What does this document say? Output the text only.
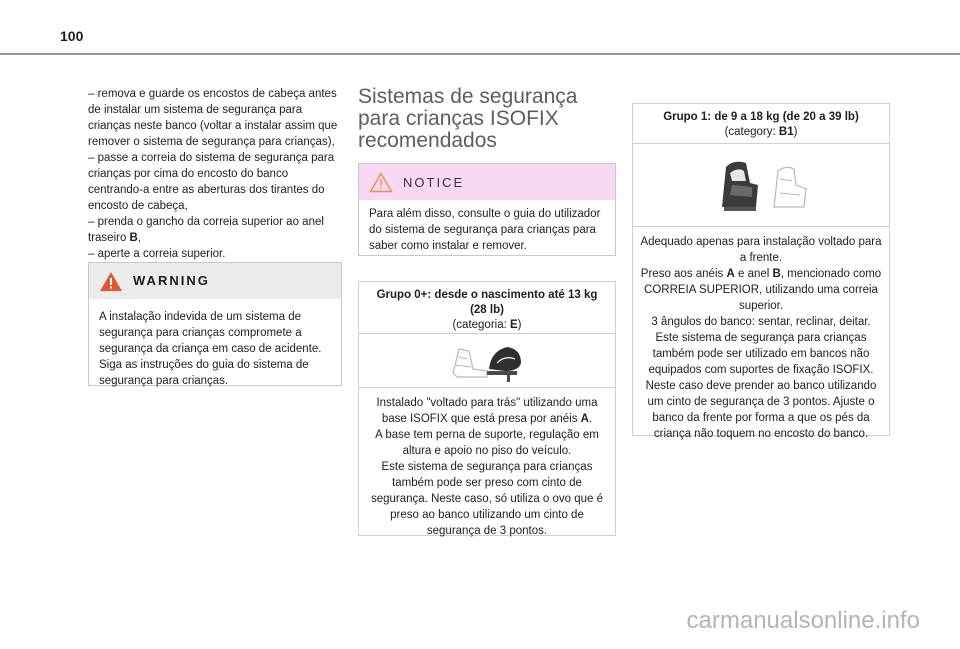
100

– remova e guarde os encostos de cabeça antes de instalar um sistema de segurança para crianças neste banco (voltar a instalar assim que remover o sistema de segurança para crianças),

– passe a correia do sistema de segurança para crianças por cima do encosto do banco centrando-a entre as aberturas dos tirantes do encosto de cabeça,

– prenda o gancho da correia superior ao anel traseiro B,

– aperte a correia superior.

WARNING
A instalação indevida de um sistema de segurança para crianças compromete a segurança da criança em caso de acidente. Siga as instruções do guia do sistema de segurança para crianças.
Sistemas de segurança para crianças ISOFIX recomendados
NOTICE
Para além disso, consulte o guia do utilizador do sistema de segurança para crianças para saber como instalar e remover.
Grupo 0+: desde o nascimento até 13 kg (28 lb)
(categoria: E)
Instalado "voltado para trás" utilizando uma base ISOFIX que está presa por anéis A.
A base tem perna de suporte, regulação em altura e apoio no piso do veículo.
Este sistema de segurança para crianças também pode ser preso com cinto de segurança. Neste caso, só utiliza o ovo que é preso ao banco utilizando um cinto de segurança de 3 pontos.
Grupo 1: de 9 a 18 kg (de 20 a 39 lb)
(category: B1)
Adequado apenas para instalação voltado para a frente.
Preso aos anéis A e anel B, mencionado como CORREIA SUPERIOR, utilizando uma correia superior.
3 ângulos do banco: sentar, reclinar, deitar.
Este sistema de segurança para crianças também pode ser utilizado em bancos não equipados com suportes de fixação ISOFIX.
Neste caso deve prender ao banco utilizando um cinto de segurança de 3 pontos. Ajuste o banco da frente por forma a que os pés da criança não toquem no encosto do banco.
carmanualsonline.info
